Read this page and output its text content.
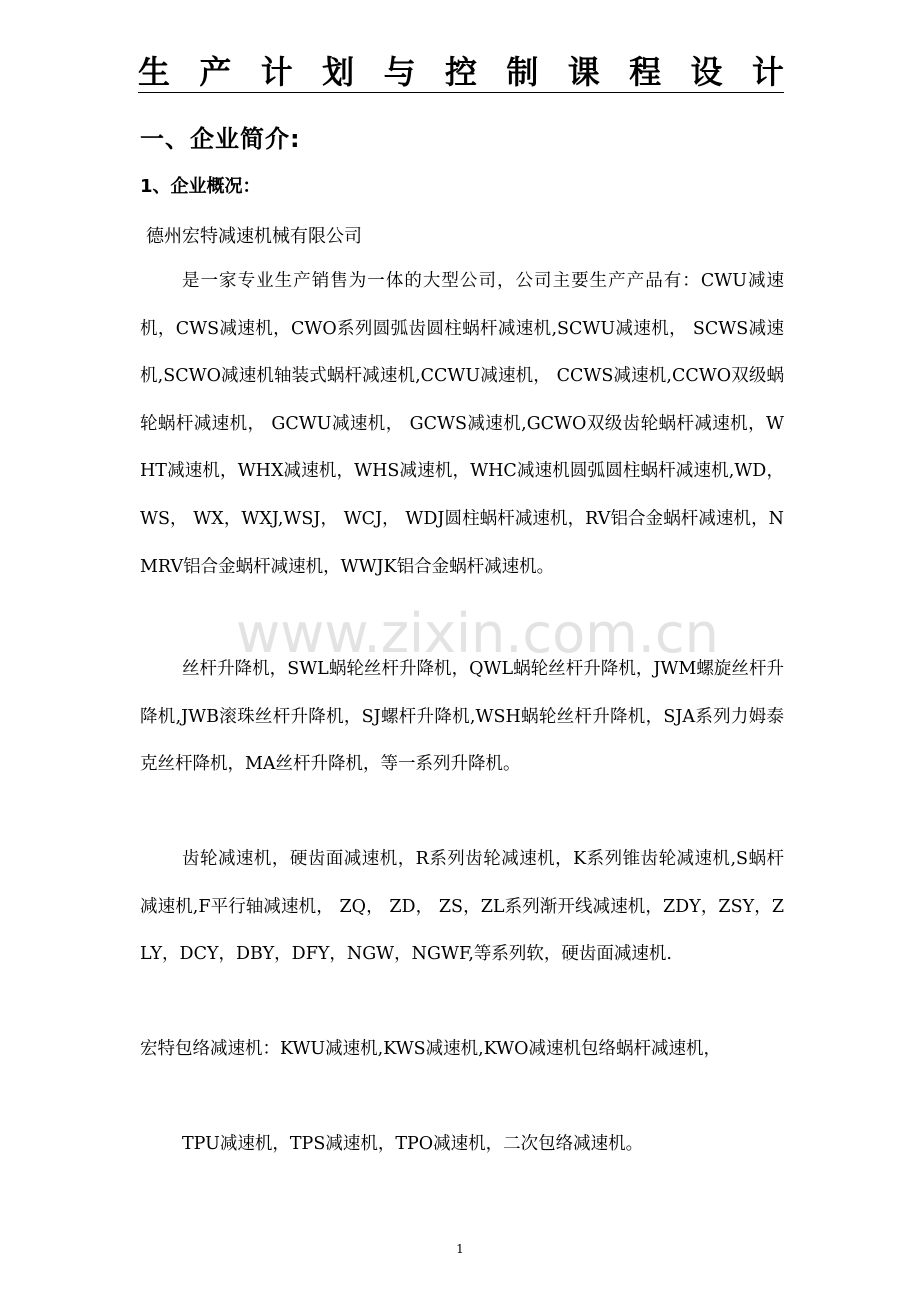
生 产 计 划 与 控 制 课 程 设 计
一、企业简介:
1、企业概况：
德州宏特减速机械有限公司
www.zixin.com.cn

是一家专业生产销售为一体的大型公司，公司主要生产产品有：CWU减速机，CWS减速机，CWO系列圆弧齿圆柱蜗杆减速机,SCWU减速机， SCWS减速机,SCWO减速机轴装式蜗杆减速机,CCWU减速机， CCWS减速机,CCWO双级蜗轮蜗杆减速机， GCWU减速机， GCWS减速机,GCWO双级齿轮蜗杆减速机，WHT减速机，WHX减速机，WHS减速机，WHC减速机圆弧圆柱蜗杆减速机,WD， WS， WX，WXJ,WSJ， WCJ， WDJ圆柱蜗杆减速机，RV铝合金蜗杆减速机，NMRV铝合金蜗杆减速机，WWJK铝合金蜗杆减速机。

丝杆升降机，SWL蜗轮丝杆升降机，QWL蜗轮丝杆升降机，JWM螺旋丝杆升降机,JWB滚珠丝杆升降机，SJ螺杆升降机,WSH蜗轮丝杆升降机，SJA系列力姆泰克丝杆降机，MA丝杆升降机，等一系列升降机。

齿轮减速机，硬齿面减速机，R系列齿轮减速机，K系列锥齿轮减速机,S蜗杆减速机,F平行轴减速机， ZQ， ZD， ZS，ZL系列渐开线减速机，ZDY，ZSY，ZLY，DCY，DBY，DFY，NGW，NGWF,等系列软，硬齿面减速机.

宏特包络减速机：KWU减速机,KWS减速机,KWO减速机包络蜗杆减速机，

TPU减速机，TPS减速机，TPO减速机，二次包络减速机。

1
